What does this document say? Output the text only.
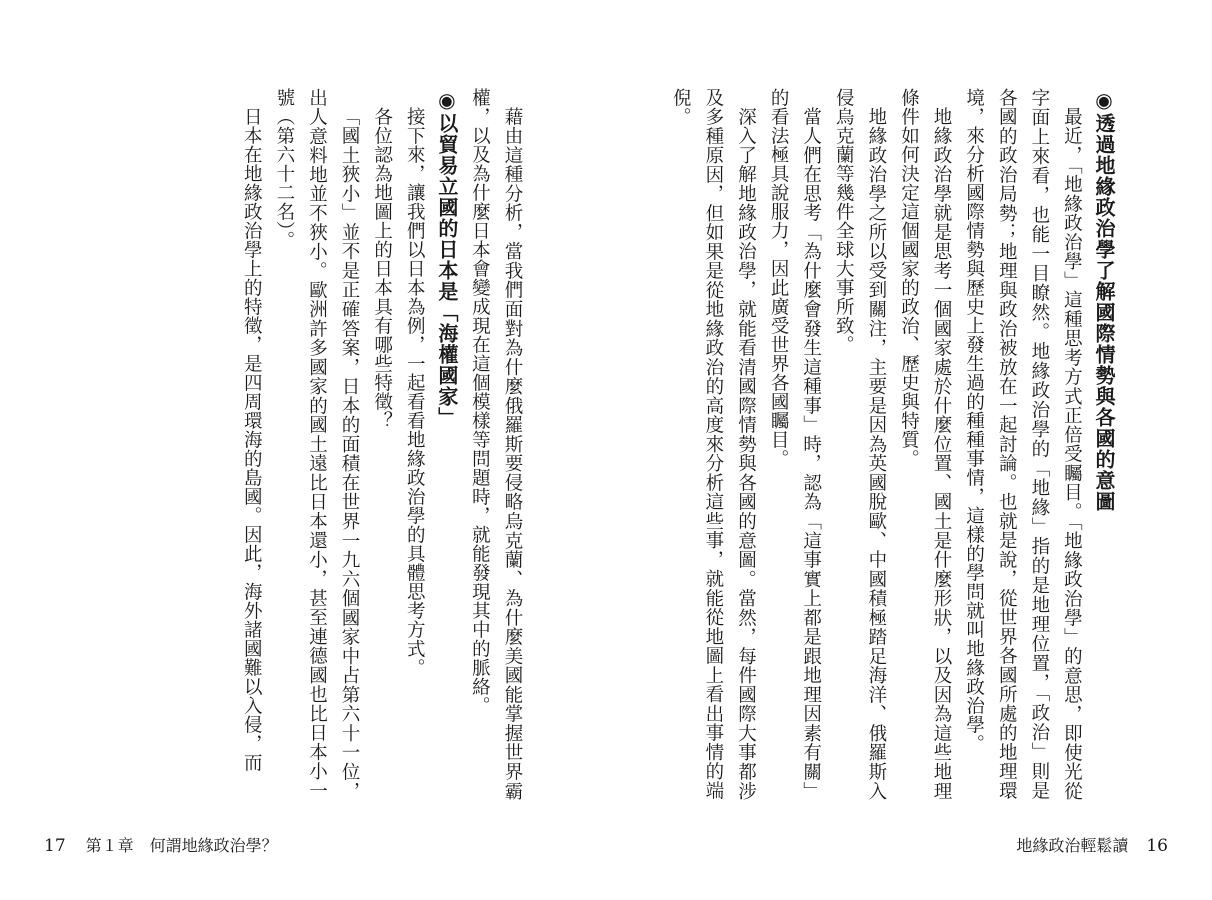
◉透過地緣政治學了解國際情勢與各國的意圖

最近，「地緣政治學」這種思考方式正倍受矚目。「地緣政治學」的意思，即使光從字面上來看，也能一目瞭然。地緣政治學的「地緣」指的是地理位置，「政治」則是各國的政治局勢；地理與政治被放在一起討論。也就是說，從世界各國所處的地理環境，來分析國際情勢與歷史上發生過的種種事情，這樣的學問就叫地緣政治學。

地緣政治學就是思考一個國家處於什麼位置、國土是什麼形狀，以及因為這些地理條件如何決定這個國家的政治、歷史與特質。

地緣政治學之所以受到關注，主要是因為英國脫歐、中國積極踏足海洋、俄羅斯入侵烏克蘭等幾件全球大事所致。

當人們在思考「為什麼會發生這種事」時，認為「這事實上都是跟地理因素有關」的看法極具說服力，因此廣受世界各國矚目。

深入了解地緣政治學，就能看清國際情勢與各國的意圖。當然，每件國際大事都涉及多種原因，但如果是從地緣政治的高度來分析這些事，就能從地圖上看出事情的端倪。

地緣政治輕鬆讀 16

藉由這種分析，當我們面對為什麼俄羅斯要侵略烏克蘭、為什麼美國能掌握世界霸權，以及為什麼日本會變成現在這個模樣等問題時，就能發現其中的脈絡。

◉以貿易立國的日本是「海權國家」

接下來，讓我們以日本為例，一起看看地緣政治學的具體思考方式。

各位認為地圖上的日本具有哪些特徵？

「國土狹小」並不是正確答案，日本的面積在世界一九六個國家中占第六十一位，出人意料地並不狹小。歐洲許多國家的國土遠比日本還小，甚至連德國也比日本小一號（第六十二名）。

日本在地緣政治學上的特徵，是四周環海的島國。因此，海外諸國難以入侵，而

17 第１章　何謂地緣政治學？
